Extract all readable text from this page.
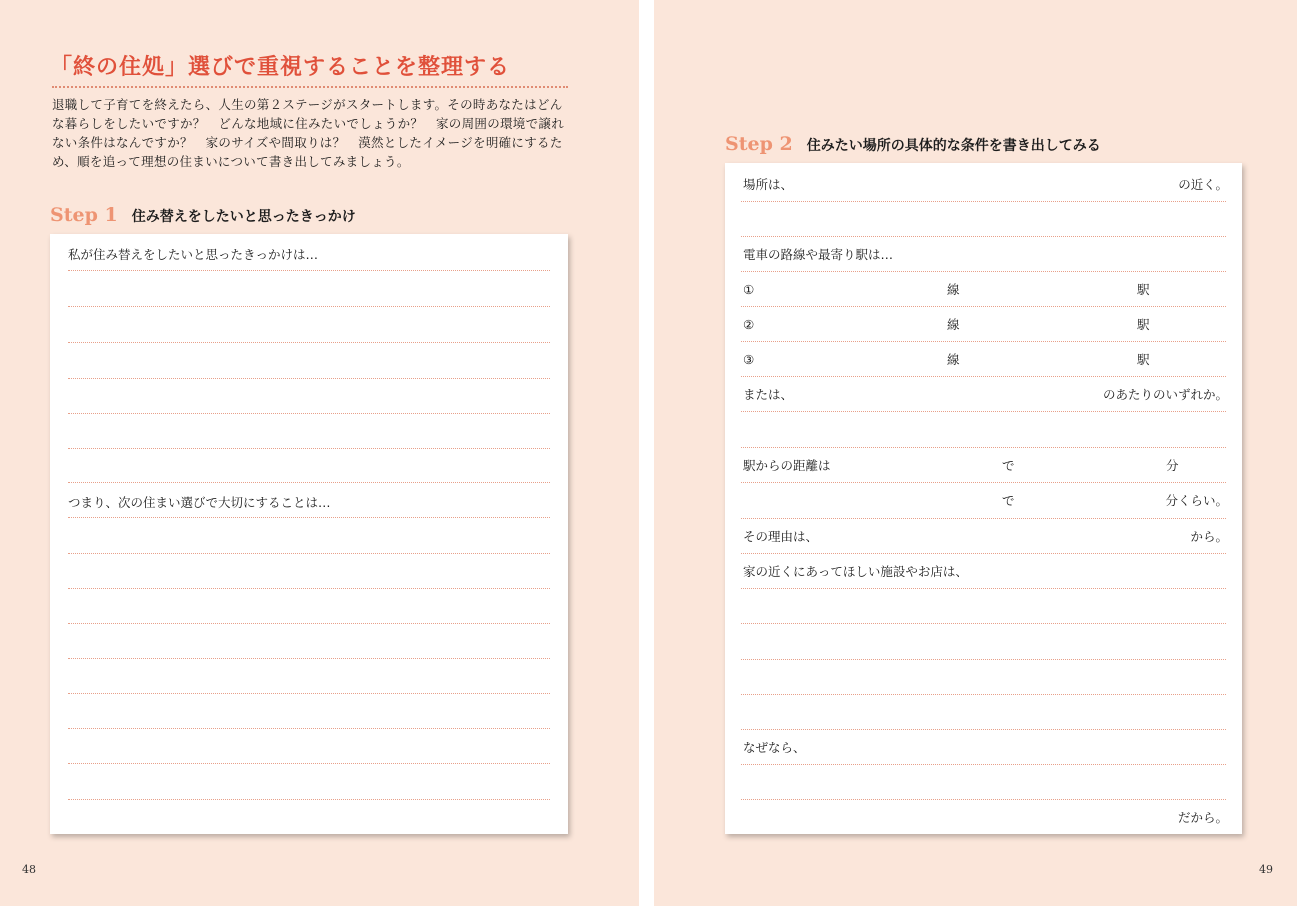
「終の住処」選びで重視することを整理する

退職して子育てを終えたら、人生の第２ステージがスタートします。その時あなたはどんな暮らしをしたいですか？　どんな地域に住みたいでしょうか？　家の周囲の環境で譲れない条件はなんですか？　家のサイズや間取りは？　漠然としたイメージを明確にするため、順を追って理想の住まいについて書き出してみましょう。

Step 1 住み替えをしたいと思ったきっかけ
私が住み替えをしたいと思ったきっかけは…
つまり、次の住まい選びで大切にすることは…
48
Step 2 住みたい場所の具体的な条件を書き出してみる
場所は、	の近く。
電車の路線や最寄り駅は…
①	線	駅
②	線	駅
③	線	駅
または、	のあたりのいずれか。
駅からの距離は	で	分
で	分くらい。
その理由は、	から。
家の近くにあってほしい施設やお店は、
なぜなら、
だから。
49
